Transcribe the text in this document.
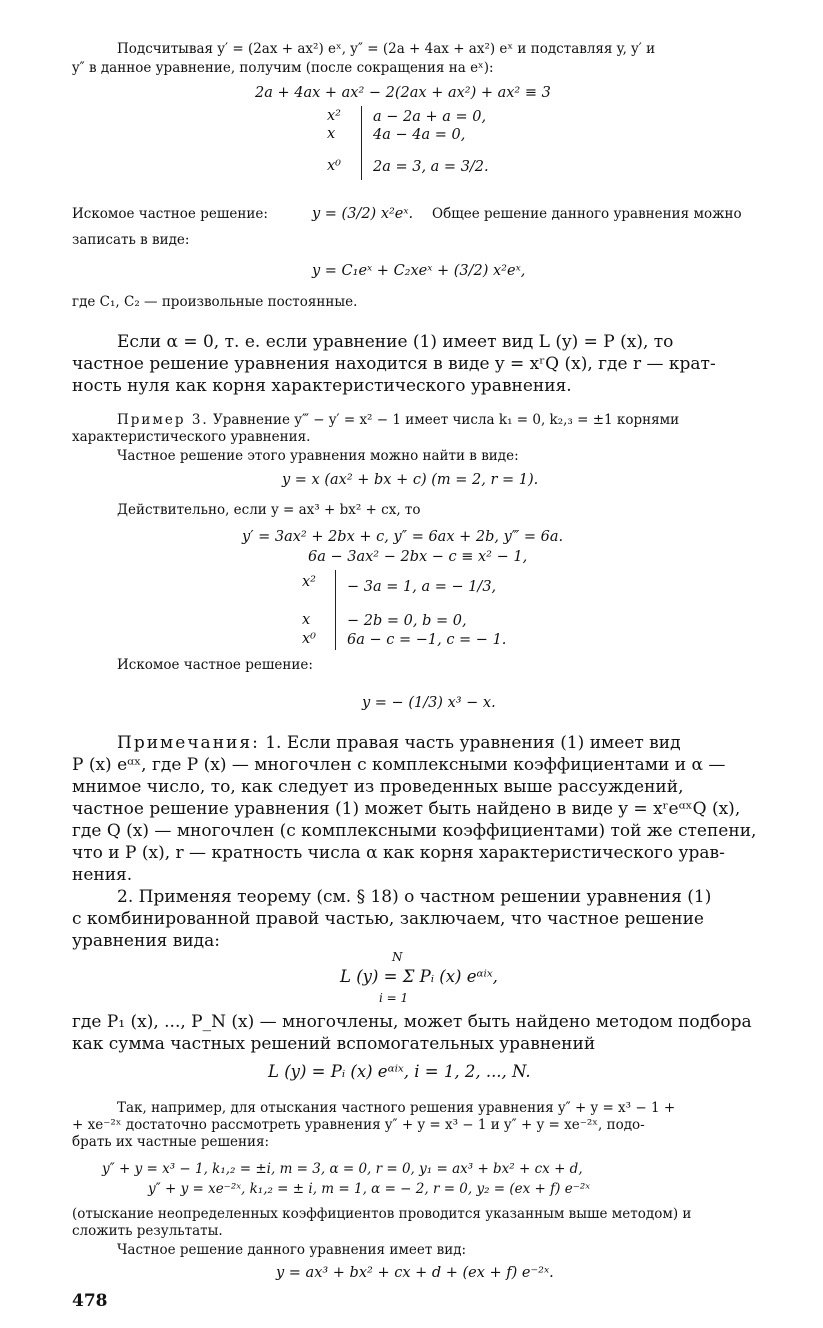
Подсчитывая y′ = (2ax + ax²) eˣ, y″ = (2a + 4ax + ax²) eˣ и подставляя y, y′ и

y″ в данное уравнение, получим (после сокращения на eˣ):

2a + 4ax + ax² − 2(2ax + ax²) + ax² ≡ 3
x²
x
x⁰
a − 2a + a = 0,
4a − 4a = 0,
2a = 3, a = 3/2.

Искомое частное решение:	y = (3/2) x²eˣ. Общее решение данного уравнения можно

записать в виде:

y = C₁eˣ + C₂xeˣ + (3/2) x²eˣ,

где C₁, C₂ — произвольные постоянные.

Если α = 0, т. е. если уравнение (1) имеет вид L (y) = P (x), то

частное решение уравнения находится в виде y = xʳQ (x), где r — крат-

ность нуля как корня характеристического уравнения.

Пример 3. Уравнение y‴ − y′ = x² − 1 имеет числа k₁ = 0, k₂,₃ = ±1 корнями

характеристического уравнения.

Частное решение этого уравнения можно найти в виде:

y = x (ax² + bx + c) (m = 2, r = 1).

Действительно, если y = ax³ + bx² + cx, то

y′ = 3ax² + 2bx + c, y″ = 6ax + 2b, y‴ = 6a.
6a − 3ax² − 2bx − c ≡ x² − 1,
x²
x
x⁰
− 3a = 1, a = − 1/3,
− 2b = 0, b = 0,
6a − c = −1, c = − 1.

Искомое частное решение:

y = − (1/3) x³ − x.

Примечания: 1. Если правая часть уравнения (1) имеет вид

P (x) eᵅˣ, где P (x) — многочлен с комплексными коэффициентами и α —

мнимое число, то, как следует из проведенных выше рассуждений,

частное решение уравнения (1) может быть найдено в виде y = xʳeᵅˣQ (x),

где Q (x) — многочлен (с комплексными коэффициентами) той же степени,

что и P (x), r — кратность числа α как корня характеристического урав-

нения.

2. Применяя теорему (см. § 18) о частном решении уравнения (1)

с комбинированной правой частью, заключаем, что частное решение

уравнения вида:

N
L (y) = Σ Pᵢ (x) eᵅⁱˣ,
i = 1

где P₁ (x), ..., P_N (x) — многочлены, может быть найдено методом подбора

как сумма частных решений вспомогательных уравнений

L (y) = Pᵢ (x) eᵅⁱˣ, i = 1, 2, ..., N.

Так, например, для отыскания частного решения уравнения y″ + y = x³ − 1 +

+ xe⁻²ˣ достаточно рассмотреть уравнения y″ + y = x³ − 1 и y″ + y = xe⁻²ˣ, подо-

брать их частные решения:

y″ + y = x³ − 1, k₁,₂ = ±i, m = 3, α = 0, r = 0, y₁ = ax³ + bx² + cx + d,
y″ + y = xe⁻²ˣ, k₁,₂ = ± i, m = 1, α = − 2, r = 0, y₂ = (ex + f) e⁻²ˣ

(отыскание неопределенных коэффициентов проводится указанным выше методом) и

сложить результаты.

Частное решение данного уравнения имеет вид:

y = ax³ + bx² + cx + d + (ex + f) e⁻²ˣ.
478
